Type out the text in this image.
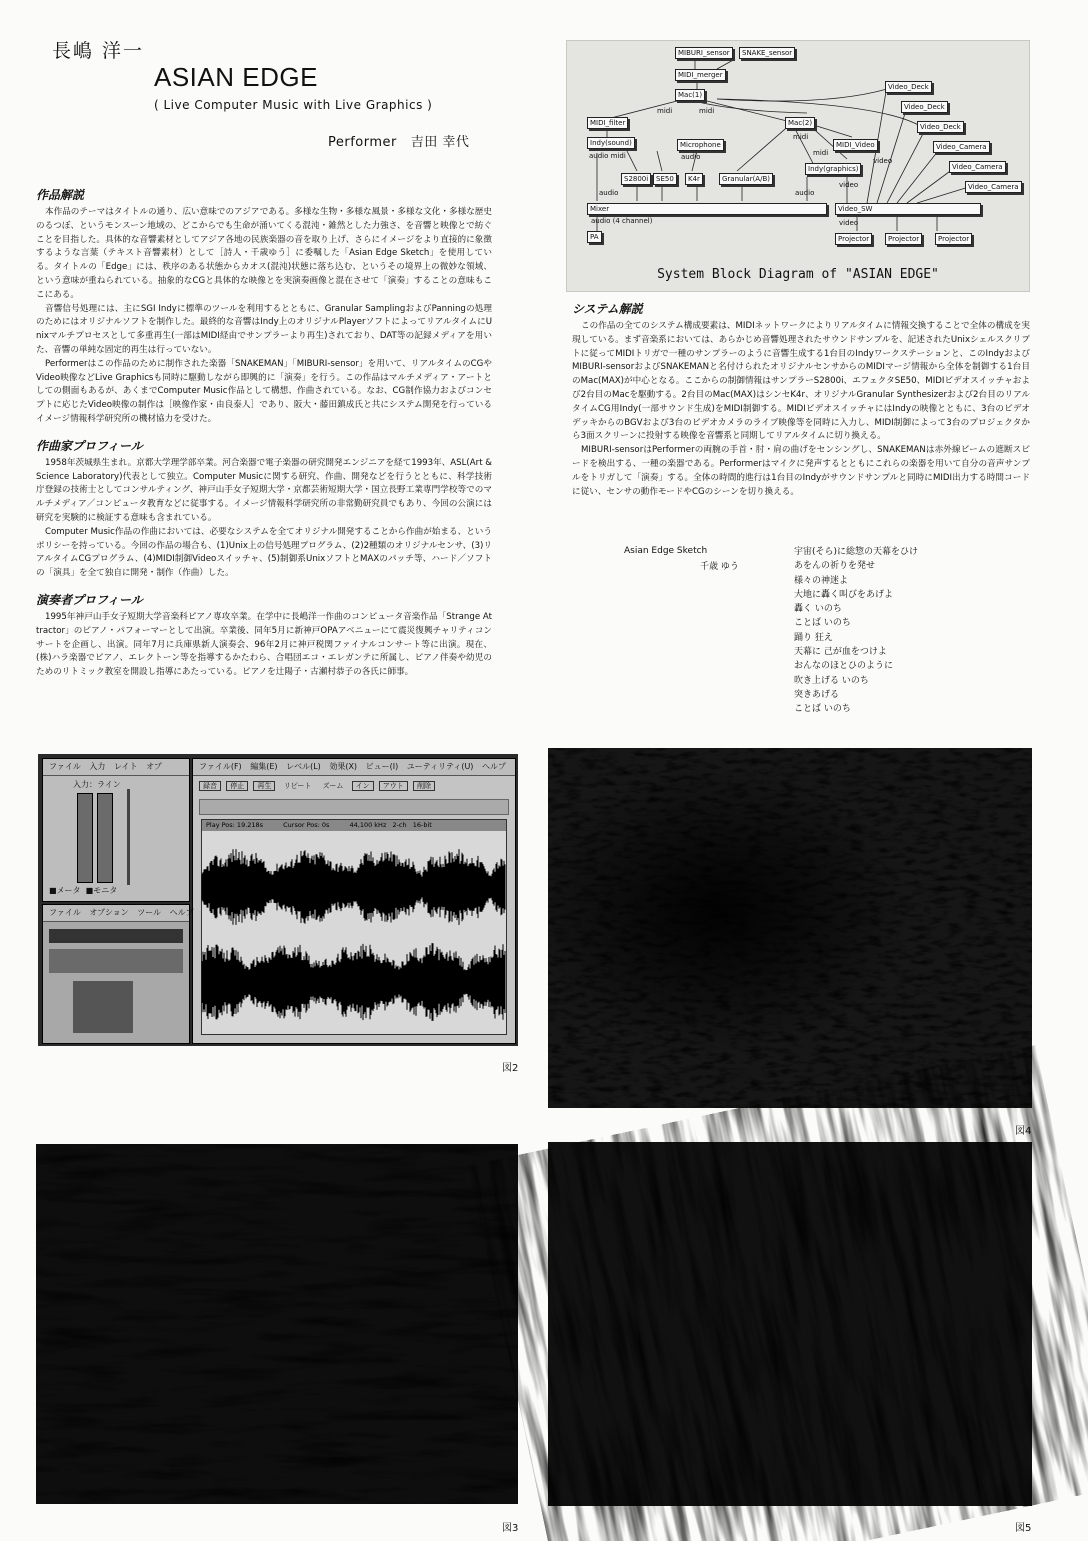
長嶋 洋一
ASIAN EDGE
( Live Computer Music with Live Graphics )
Performer 吉田 幸代

作品解説

本作品のテーマはタイトルの通り、広い意味でのアジアである。多様な生物・多様な風景・多様な文化・多様な歴史のるつぼ、というモンスーン地域の、どこからでも生命が涌いてくる混沌・雑然とした力強さ、を音響と映像とで紡ぐことを目指した。具体的な音響素材としてアジア各地の民族楽器の音を取り上げ、さらにイメージをより直接的に象徴するような言葉（テキスト音響素材）として［詩人・千歳ゆう］に委嘱した「Asian Edge Sketch」を使用している。タイトルの「Edge」には、秩序のある状態からカオス(混沌)状態に落ち込む、というその境界上の微妙な領域、という意味が重ねられている。抽象的なCGと具体的な映像とを実演奏画像と混在させて「演奏」することの意味もここにある。

音響信号処理には、主にSGI Indyに標準のツールを利用するとともに、Granular SamplingおよびPanningの処理のためにはオリジナルソフトを制作した。最終的な音響はIndy上のオリジナルPlayerソフトによってリアルタイムにUnixマルチプロセスとして多重再生(一部はMIDI経由でサンプラーより再生)されており、DAT等の記録メディアを用いた、音響の単純な固定的再生は行っていない。

Performerはこの作品のために制作された楽器「SNAKEMAN」「MIBURI-sensor」を用いて、リアルタイムのCGやVideo映像などLive Graphicsも同時に駆動しながら即興的に「演奏」を行う。この作品はマルチメディア・アートとしての側面もあるが、あくまでComputer Music作品として構想、作曲されている。なお、CG制作協力およびコンセプトに応じたVideo映像の制作は［映像作家・由良泰人］であり、阪大・藤田鎮成氏と共にシステム開発を行っているイメージ情報科学研究所の機材協力を受けた。

作曲家プロフィール

1958年茨城県生まれ。京都大学理学部卒業。河合楽器で電子楽器の研究開発エンジニアを経て1993年、ASL(Art & Science Laboratory)代表として独立。Computer Musicに関する研究、作曲、開発などを行うとともに、科学技術庁登録の技術士としてコンサルティング、神戸山手女子短期大学・京都芸術短期大学・国立長野工業専門学校等でのマルチメディア／コンピュータ教育などに従事する。イメージ情報科学研究所の非常勤研究員でもあり、今回の公演には研究を実験的に検証する意味も含まれている。

Computer Music作品の作曲においては、必要なシステムを全てオリジナル開発することから作曲が始まる、というポリシーを持っている。今回の作品の場合も、(1)Unix上の信号処理プログラム、(2)2種類のオリジナルセンサ、(3)リアルタイムCGプログラム、(4)MIDI制御Videoスイッチャ、(5)制御系UnixソフトとMAXのパッチ等、ハード／ソフトの「演具」を全て独自に開発・制作（作曲）した。

演奏者プロフィール

1995年神戸山手女子短期大学音楽科ピアノ専攻卒業。在学中に長嶋洋一作曲のコンピュータ音楽作品「Strange Attractor」のピアノ・パフォーマーとして出演。卒業後、同年5月に新神戸OPAアベニューにて震災復興チャリティコンサートを企画し、出演。同年7月に兵庫県新人演奏会、96年2月に神戸税関ファイナルコンサート等に出演。現在、(株)ハラ楽器でピアノ、エレクトーン等を指導するかたわら、合唱団エコ・エレガンテに所属し、ピアノ伴奏や幼児のためのリトミック教室を開設し指導にあたっている。ピアノを辻陽子・古瀬村恭子の各氏に師事。

MIBURI_sensor	SNAKE_sensor
MIDI_merger
Mac(1)
Mac(2)
MIDI_filter
Indy(sound)	Microphone	MIDI_Video
Indy(graphics)
S2800i	SE50	K4r	Granular(A/B)
Mixer	Video_SW
PA
Video_Deck
Video_Deck
Video_Deck
Video_Camera
Video_Camera
Video_Camera
Projector	Projector	Projector
midi	midi
audio midi	audio
midi
midi
video
video
audio	audio
audio (4 channel)	video
System Block Diagram of "ASIAN EDGE"

システム解説

この作品の全てのシステム構成要素は、MIDIネットワークによりリアルタイムに情報交換することで全体の構成を実現している。まず音楽系においては、あらかじめ音響処理されたサウンドサンプルを、記述されたUnixシェルスクリプトに従ってMIDIトリガで一種のサンプラーのように音響生成する1台目のIndyワークステーションと、このIndyおよびMIBURI-sensorおよびSNAKEMANと名付けられたオリジナルセンサからのMIDIマージ情報から全体を制御する1台目のMac(MAX)が中心となる。ここからの制御情報はサンプラーS2800i、エフェクタSE50、MIDIビデオスイッチャおよび2台目のMacを駆動する。2台目のMac(MAX)はシンセK4r、オリジナルGranular Synthesizerおよび2台目のリアルタイムCG用Indy(一部サウンド生成)をMIDI制御する。MIDIビデオスイッチャにはIndyの映像とともに、3台のビデオデッキからのBGVおよび3台のビデオカメラのライブ映像等を同時に入力し、MIDI制御によって3台のプロジェクタから3面スクリーンに投射する映像を音響系と同期してリアルタイムに切り換える。

MIBURI-sensorはPerformerの両腕の手首・肘・肩の曲げをセンシングし、SNAKEMANは赤外線ビームの遮断スピードを検出する、一種の楽器である。Performerはマイクに発声するとともにこれらの楽器を用いて自分の音声サンプルをトリガして「演奏」する。全体の時間的進行は1台目のIndyがサウンドサンプルと同時にMIDI出力する時間コードに従い、センサの動作モードやCGのシーンを切り換える。

Asian Edge Sketch
千歳 ゆう
宇宙(そら)に総惣の天幕をひけ
あをんの祈りを発せ
様々の神迷よ
大地に轟く叫びをあげよ
轟く いのち
ことば いのち
踊り 狂え
天幕に 己が血をつけよ
おんなのほとひのように
吹き上げる いのち
突きあげる
ことば いのち
ファイル 入力 レイト オプ
入力：ライン
■メータ  ■モニタ
ファイル(F) 編集(E) レベル(L) 効果(X) ビュー(I) ユーティリティ(U) ヘルプ
録音 停止 再生 リピート ズーム イン アウト 削除
Play Pos: 19.218s	Cursor Pos: 0s	44,100 kHz 2-ch 16-bit
ファイル オプション ツール ヘルプ
図2
図3	図5
